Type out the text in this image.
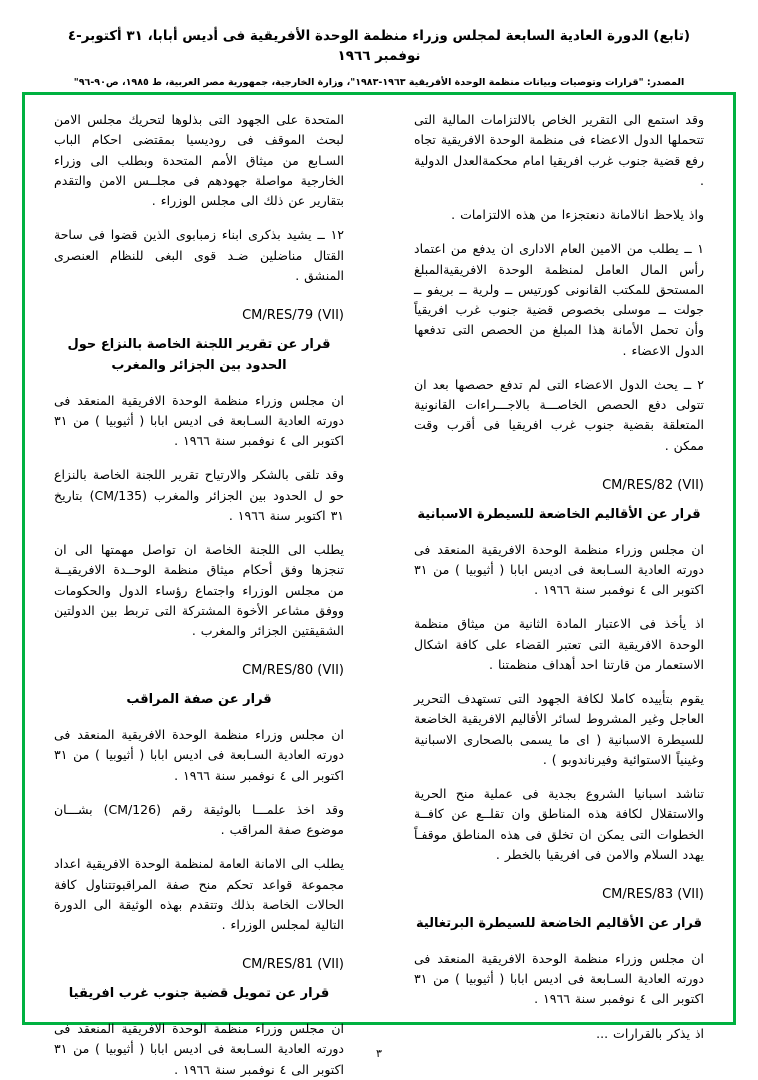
(تابع) الدورة العادية السابعة لمجلس وزراء منظمة الوحدة الأفريقية فى أديس أبابا، ٣١ أكتوبر-٤ نوفمبر ١٩٦٦
المصدر: "قرارات وتوصيات وبيانات منظمة الوحدة الأفريقية ١٩٦٣-١٩٨٣"، وزارة الخارجية، جمهورية مصر العربية، ط ١٩٨٥، ص٩٠-٩٦"

وقد استمع الى التقرير الخاص بالالتزامات المالية التى تتحملها الدول الاعضاء فى منظمة الوحدة الافريقية تجاه رفع قضية جنوب غرب افريقيا امام محكمةالعدل الدولية .

واذ يلاحظ انالامانة دنعتجزءا من هذه الالتزامات .

١ ــ يطلب من الامين العام الادارى ان يدفع من اعتماد رأس المال العامل لمنظمة الوحدة الافريقيةالمبلغ المستحق للمكتب القانونى كورتيس ــ ولرية ــ بريفو ــ جولت ــ موسلى بخصوص قضية جنوب غرب افريقياً وأن تحمل الأمانة هذا المبلغ من الحصص التى تدفعها الدول الاعضاء .

٢ ــ يحث الدول الاعضاء التى لم تدفع حصصها بعد ان تتولى دفع الحصص الخاصـــة بالاجـــراءات القانونية المتعلقة بقضية جنوب غرب افريقيا فى أقرب وقت ممكن .

CM/RES/82 (VII)
قرار عن الأقاليم الخاضعة للسيطرة الاسبانية

ان مجلس وزراء منظمة الوحدة الافريقية المنعقد فى دورته العادية السـابعة فى اديس ابابا ( أثيوبيا ) من ٣١ اكتوبر الى ٤ نوفمبر سنة ١٩٦٦ .

اذ يأخذ فى الاعتبار المادة الثانية من ميثاق منظمة الوحدة الافريقية التى تعتبر القضاء على كافة اشكال الاستعمار من قارتنا احد أهداف منظمتنا .

يقوم بتأييده كاملا لكافة الجهود التى تستهدف التحرير العاجل وغير المشروط لسائر الأقاليم الافريقية الخاضعة للسيطرة الاسبانية ( اى ما يسمى بالصحارى الاسبانية وغينياً الاستوائية وفيرناندوبو ) .

تناشد اسبانيا الشروع بجدية فى عملية منح الحرية والاستقلال لكافة هذه المناطق وان تقلــع عن كافــة الخطوات التى يمكن ان تخلق فى هذه المناطق موقفـاً يهدد السلام والامن فى افريقيا بالخطر .

CM/RES/83 (VII)
قرار عن الأقاليم الخاضعة للسيطرة البرتغالية

ان مجلس وزراء منظمة الوحدة الافريقية المنعقد فى دورته العادية السـابعة فى اديس ابابا ( أثيوبيا ) من ٣١ اكتوبر الى ٤ نوفمبر سنة ١٩٦٦ .

اذ يذكر بالقرارات ...

المتحدة على الجهود التى بذلوها لتحريك مجلس الامن لبحث الموقف فى روديسيا بمقتضى احكام الباب السـابع من ميثاق الأمم المتحدة وبطلب الى وزراء الخارجية مواصلة جهودهم فى مجلــس الامن والتقدم بتقارير عن ذلك الى مجلس الوزراء .

١٢ ــ يشيد بذكرى ابناء زمبابوى الذين قضوا فى ساحة القتال مناضلين ضـد قوى البغى للنظام العنصرى المنشق .

CM/RES/79 (VII)
قرار عن تقرير اللجنة الخاصة بالنزاع حول الحدود بين الجزائر والمغرب

ان مجلس وزراء منظمة الوحدة الافريقية المنعقد فى دورته العادية السـابعة فى اديس ابابا ( أثيوبيا ) من ٣١ اكتوبر الى ٤ نوفمبر سنة ١٩٦٦ .

وقد تلقى بالشكر والارتياح تقرير اللجنة الخاصة بالنزاع حو ل الحدود بين الجزائر والمغرب (CM/135) بتاريخ ٣١ اكتوبر سنة ١٩٦٦ .

يطلب الى اللجنة الخاصة ان تواصل مهمتها الى ان تنجزها وفق أحكام ميثاق منظمة الوحــدة الافريقيــة من مجلس الوزراء واجتماع رؤساء الدول والحكومات ووفق مشاعر الأخوة المشتركة التى تربط بين الدولتين الشقيقتين الجزائر والمغرب .

CM/RES/80 (VII)
قرار عن صفة المراقب

ان مجلس وزراء منظمة الوحدة الافريقية المنعقد فى دورته العادية السـابعة فى اديس ابابا ( أثيوبيا ) من ٣١ اكتوبر الى ٤ نوفمبر سنة ١٩٦٦ .

وقد اخذ علمـــا بالوثيقة رقم (CM/126) بشـــان موضوع صفة المراقب .

يطلب الى الامانة العامة لمنظمة الوحدة الافريقية اعداد مجموعة قواعد تحكم منح صفة المراقبوتتناول كافة الحالات الخاصة بذلك وتتقدم بهذه الوثيقة الى الدورة التالية لمجلس الوزراء .

CM/RES/81 (VII)
قرار عن تمويل قضية جنوب غرب افريقيا

ان مجلس وزراء منظمة الوحدة الافريقية المنعقد فى دورته العادية السـابعة فى اديس ابابا ( أثيوبيا ) من ٣١ اكتوبر الى ٤ نوفمبر سنة ١٩٦٦ .

٣
